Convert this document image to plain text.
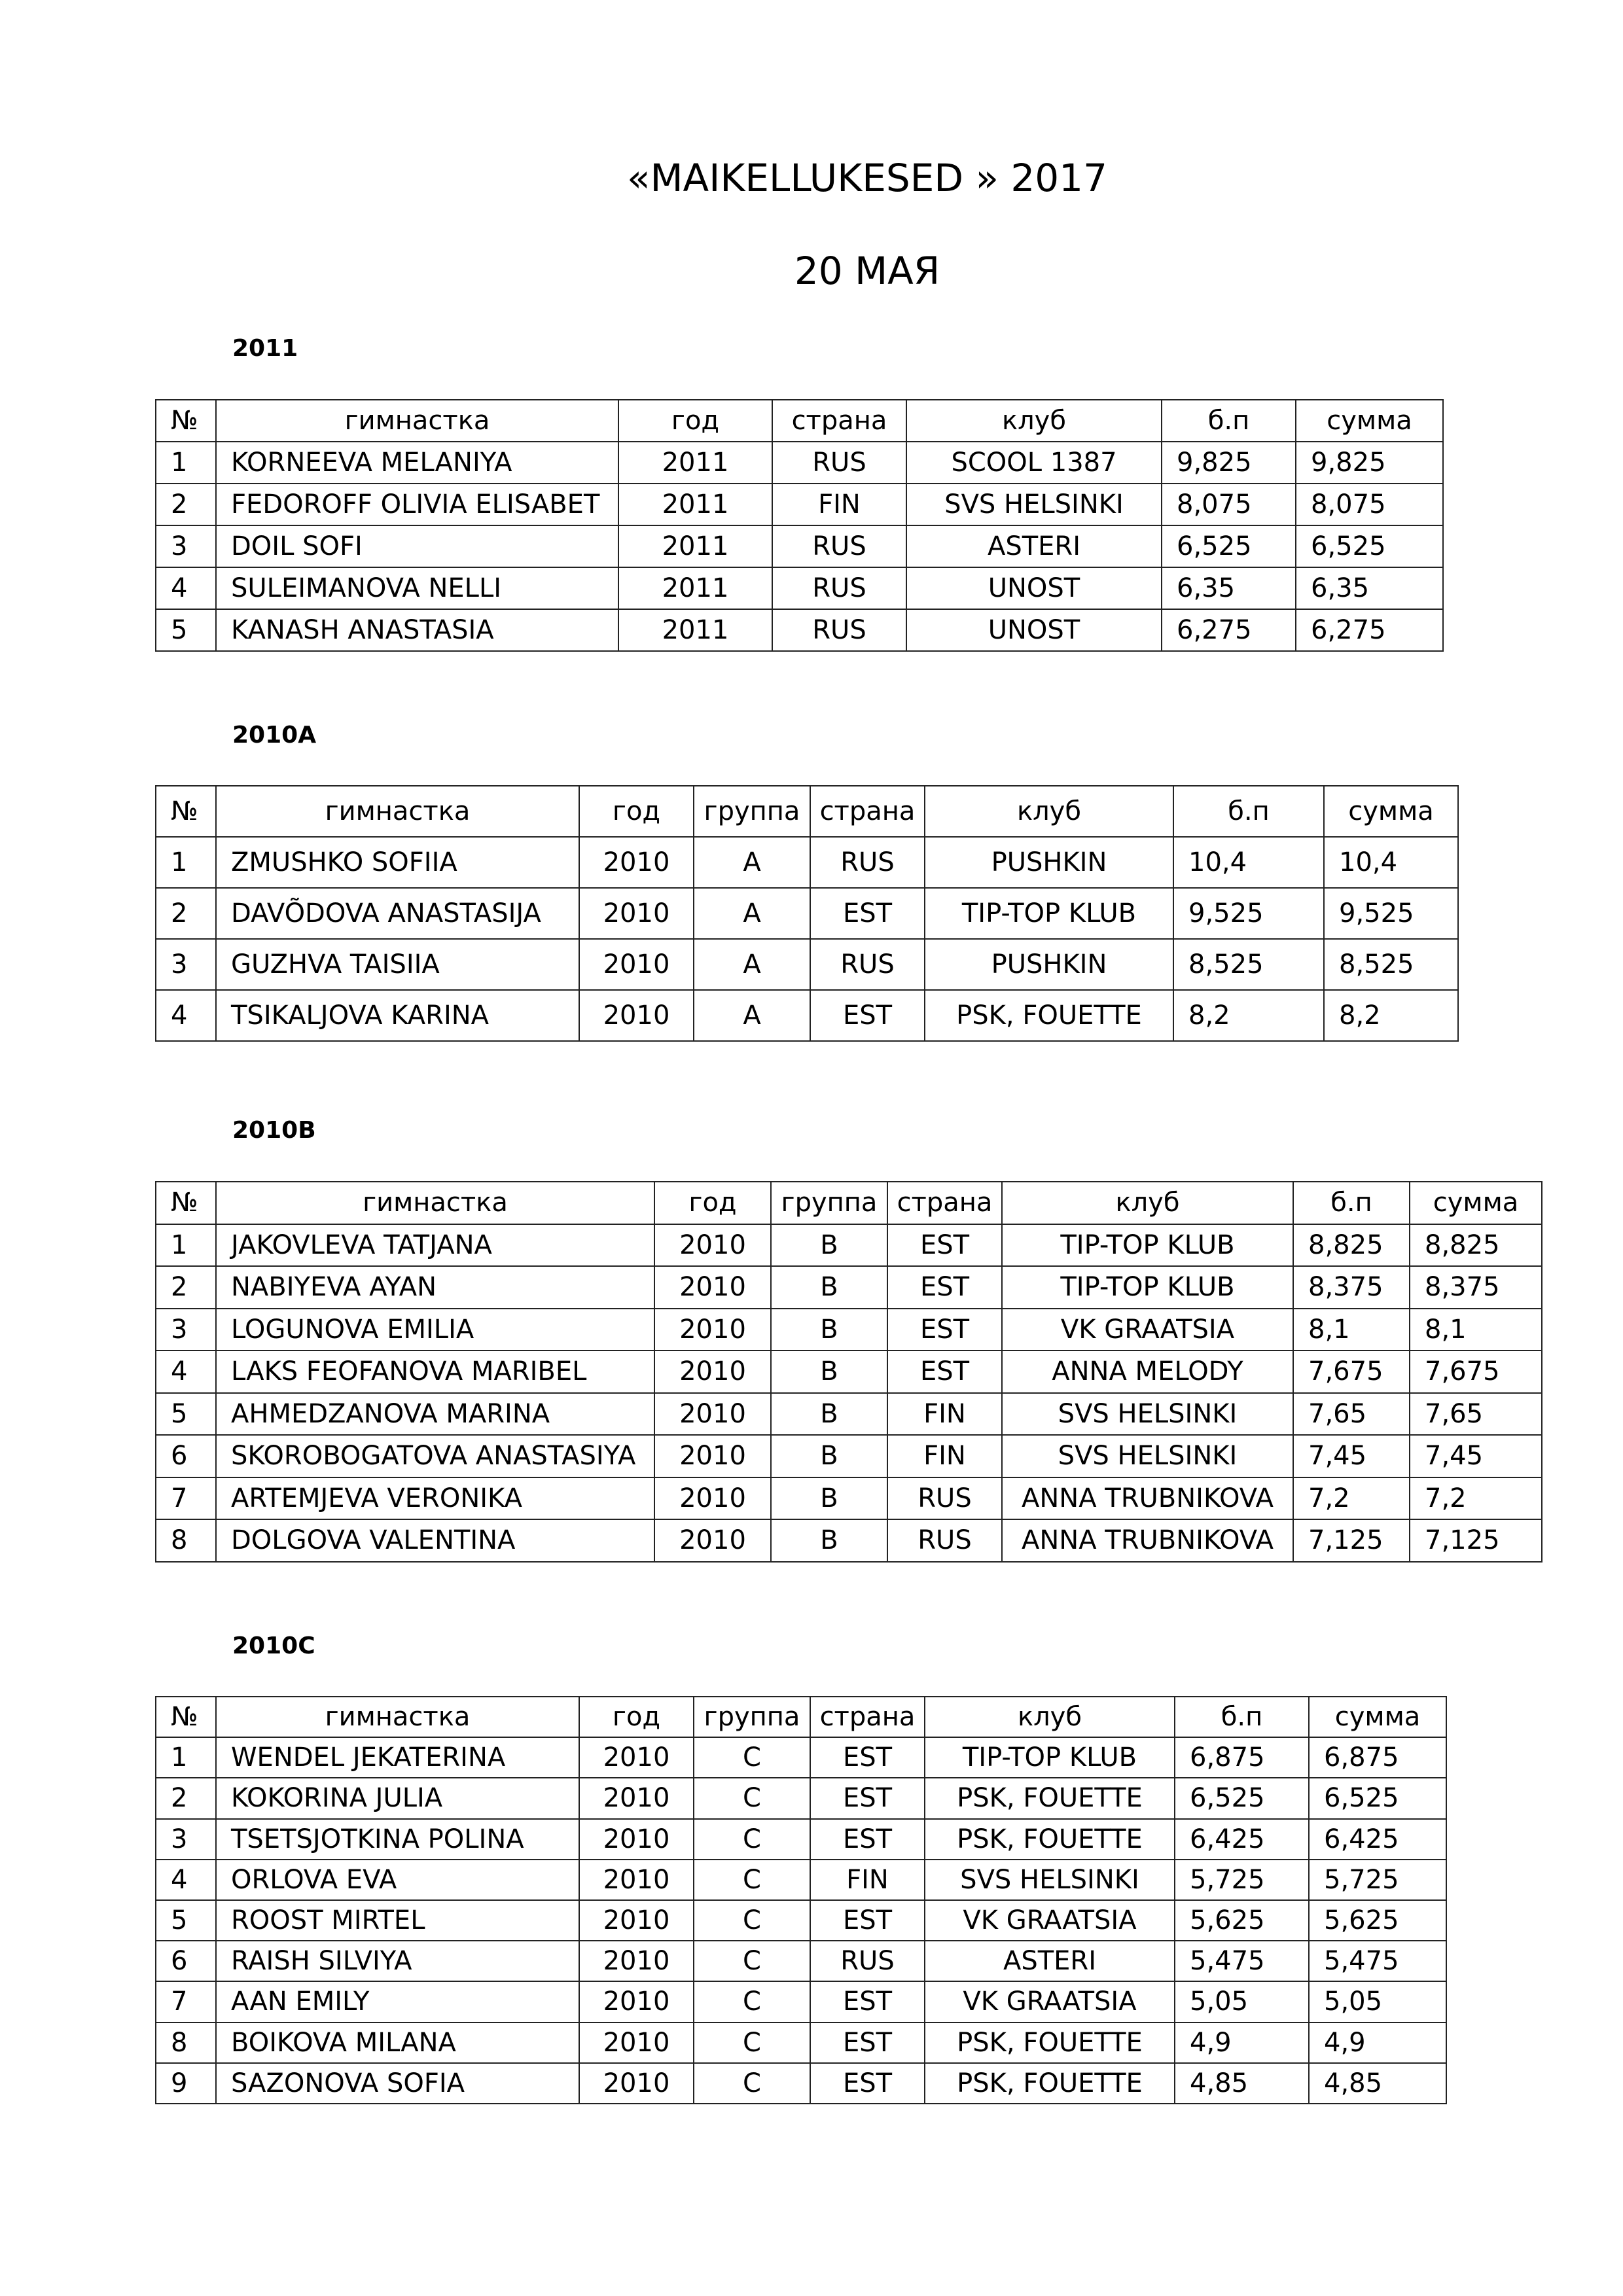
«MAIKELLUKESED » 2017
20 МАЯ
2011
№	гимнастка	год	страна	клуб	б.п	сумма
1	KORNEEVA MELANIYA	2011	RUS	SCOOL 1387	9,825	9,825
2	FEDOROFF OLIVIA ELISABET	2011	FIN	SVS HELSINKI	8,075	8,075
3	DOIL SOFI	2011	RUS	ASTERI	6,525	6,525
4	SULEIMANOVA NELLI	2011	RUS	UNOST	6,35	6,35
5	KANASH ANASTASIA	2011	RUS	UNOST	6,275	6,275
2010A
№	гимнастка	год	группа	страна	клуб	б.п	сумма
1	ZMUSHKO SOFIIA	2010	A	RUS	PUSHKIN	10,4	10,4
2	DAVÕDOVA ANASTASIJA	2010	A	EST	TIP-TOP KLUB	9,525	9,525
3	GUZHVA TAISIIA	2010	A	RUS	PUSHKIN	8,525	8,525
4	TSIKALJOVA KARINA	2010	A	EST	PSK, FOUETTE	8,2	8,2
2010B
№	гимнастка	год	группа	страна	клуб	б.п	сумма
1	JAKOVLEVA TATJANA	2010	B	EST	TIP-TOP KLUB	8,825	8,825
2	NABIYEVA AYAN	2010	B	EST	TIP-TOP KLUB	8,375	8,375
3	LOGUNOVA EMILIA	2010	B	EST	VK GRAATSIA	8,1	8,1
4	LAKS FEOFANOVA MARIBEL	2010	B	EST	ANNA MELODY	7,675	7,675
5	AHMEDZANOVA MARINA	2010	B	FIN	SVS HELSINKI	7,65	7,65
6	SKOROBOGATOVA ANASTASIYA	2010	B	FIN	SVS HELSINKI	7,45	7,45
7	ARTEMJEVA VERONIKA	2010	B	RUS	ANNA TRUBNIKOVA	7,2	7,2
8	DOLGOVA VALENTINA	2010	B	RUS	ANNA TRUBNIKOVA	7,125	7,125
2010C
№	гимнастка	год	группа	страна	клуб	б.п	сумма
1	WENDEL JEKATERINA	2010	C	EST	TIP-TOP KLUB	6,875	6,875
2	KOKORINA JULIA	2010	C	EST	PSK, FOUETTE	6,525	6,525
3	TSETSJOTKINA POLINA	2010	C	EST	PSK, FOUETTE	6,425	6,425
4	ORLOVA EVA	2010	C	FIN	SVS HELSINKI	5,725	5,725
5	ROOST MIRTEL	2010	C	EST	VK GRAATSIA	5,625	5,625
6	RAISH SILVIYA	2010	C	RUS	ASTERI	5,475	5,475
7	AAN EMILY	2010	C	EST	VK GRAATSIA	5,05	5,05
8	BOIKOVA MILANA	2010	C	EST	PSK, FOUETTE	4,9	4,9
9	SAZONOVA SOFIA	2010	C	EST	PSK, FOUETTE	4,85	4,85
